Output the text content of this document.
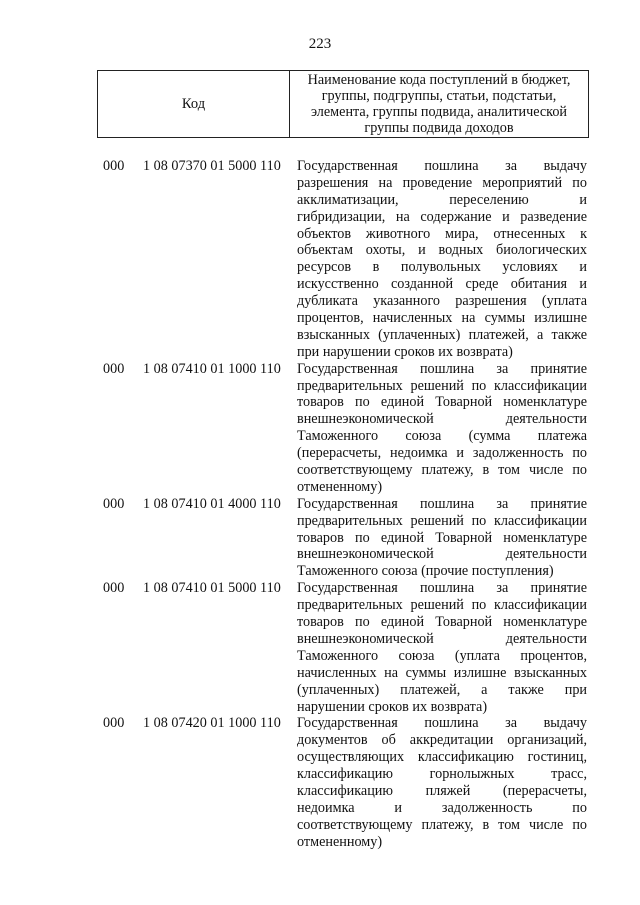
223
Код
Наименование кода поступлений в бюджет, группы, подгруппы, статьи, подстатьи, элемента, группы подвида, аналитической группы подвида доходов
000	1 08 07370 01 5000 110	Государственная пошлина за выдачу
разрешения на проведение мероприятий по
акклиматизации, переселению и
гибридизации, на содержание и разведение
объектов животного мира, отнесенных к
объектам охоты, и водных биологических
ресурсов в полувольных условиях и
искусственно созданной среде обитания и
дубликата указанного разрешения (уплата
процентов, начисленных на суммы излишне
взысканных (уплаченных) платежей, а также
при нарушении сроков их возврата)
000	1 08 07410 01 1000 110	Государственная пошлина за принятие
предварительных решений по классификации
товаров по единой Товарной номенклатуре
внешнеэкономической деятельности
Таможенного союза (сумма платежа
(перерасчеты, недоимка и задолженность по
соответствующему платежу, в том числе по
отмененному)
000	1 08 07410 01 4000 110	Государственная пошлина за принятие
предварительных решений по классификации
товаров по единой Товарной номенклатуре
внешнеэкономической деятельности
Таможенного союза (прочие поступления)
000	1 08 07410 01 5000 110	Государственная пошлина за принятие
предварительных решений по классификации
товаров по единой Товарной номенклатуре
внешнеэкономической деятельности
Таможенного союза (уплата процентов,
начисленных на суммы излишне взысканных
(уплаченных) платежей, а также при
нарушении сроков их возврата)
000	1 08 07420 01 1000 110	Государственная пошлина за выдачу
документов об аккредитации организаций,
осуществляющих классификацию гостиниц,
классификацию горнолыжных трасс,
классификацию пляжей (перерасчеты,
недоимка и задолженность по
соответствующему платежу, в том числе по
отмененному)
